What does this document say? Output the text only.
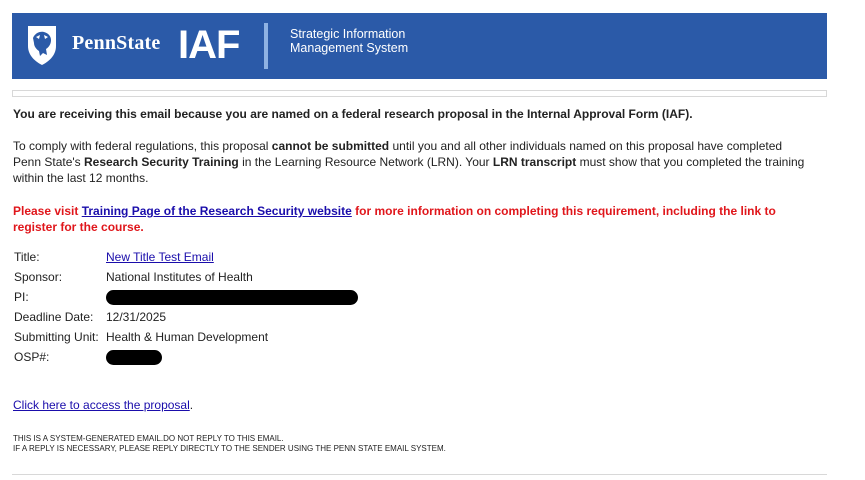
PennState IAF	Strategic Information
Management System

You are receiving this email because you are named on a federal research proposal in the Internal Approval Form (IAF).

To comply with federal regulations, this proposal cannot be submitted until you and all other individuals named on this proposal have completed Penn State's Research Security Training in the Learning Resource Network (LRN). Your LRN transcript must show that you completed the training within the last 12 months.

Please visit Training Page of the Research Security website for more information on completing this requirement, including the link to register for the course.

Title:	New Title Test Email
Sponsor:	National Institutes of Health
PI:	
Deadline Date:	12/31/2025
Submitting Unit:	Health & Human Development
OSP#:	
Click here to access the proposal.
THIS IS A SYSTEM-GENERATED EMAIL.DO NOT REPLY TO THIS EMAIL.
IF A REPLY IS NECESSARY, PLEASE REPLY DIRECTLY TO THE SENDER USING THE PENN STATE EMAIL SYSTEM.
